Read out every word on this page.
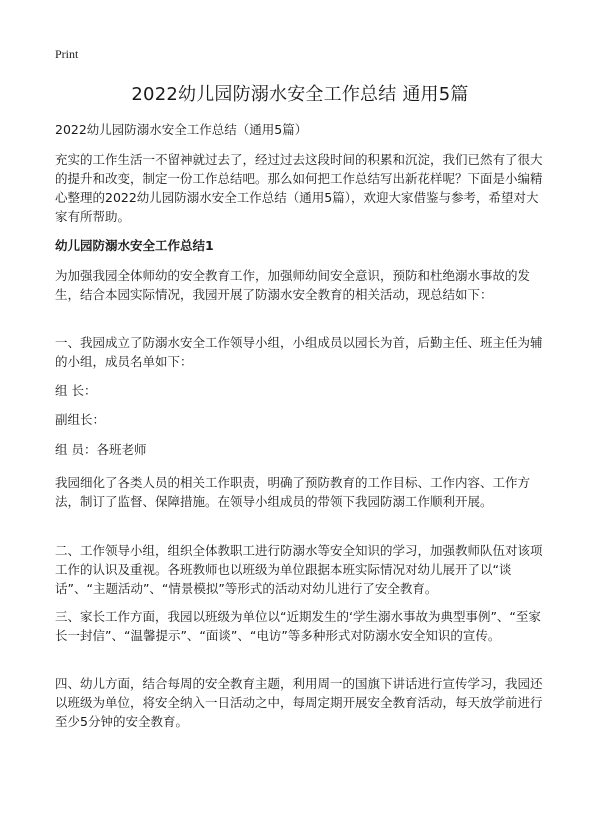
Print
2022幼儿园防溺水安全工作总结 通用5篇

2022幼儿园防溺水安全工作总结（通用5篇）

充实的工作生活一不留神就过去了，经过过去这段时间的积累和沉淀，我们已然有了很大的提升和改变，制定一份工作总结吧。那么如何把工作总结写出新花样呢？下面是小编精心整理的2022幼儿园防溺水安全工作总结（通用5篇），欢迎大家借鉴与参考，希望对大家有所帮助。

幼儿园防溺水安全工作总结1

为加强我园全体师幼的安全教育工作，加强师幼间安全意识，预防和杜绝溺水事故的发生，结合本园实际情况，我园开展了防溺水安全教育的相关活动，现总结如下：

一、我园成立了防溺水安全工作领导小组，小组成员以园长为首，后勤主任、班主任为辅的小组，成员名单如下：

组 长：

副组长：

组 员：各班老师

我园细化了各类人员的相关工作职责，明确了预防教育的工作目标、工作内容、工作方法，制订了监督、保障措施。在领导小组成员的带领下我园防溺工作顺利开展。

二、工作领导小组，组织全体教职工进行防溺水等安全知识的学习，加强教师队伍对该项工作的认识及重视。各班教师也以班级为单位跟据本班实际情况对幼儿展开了以“谈话”、“主题活动”、“情景模拟”等形式的活动对幼儿进行了安全教育。

三、家长工作方面，我园以班级为单位以“近期发生的‘学生溺水事故为典型事例”、“至家长一封信”、“温馨提示”、“面谈”、“电访”等多种形式对防溺水安全知识的宣传。

四、幼儿方面，结合每周的安全教育主题，利用周一的国旗下讲话进行宣传学习，我园还以班级为单位，将安全纳入一日活动之中，每周定期开展安全教育活动，每天放学前进行至少5分钟的安全教育。
